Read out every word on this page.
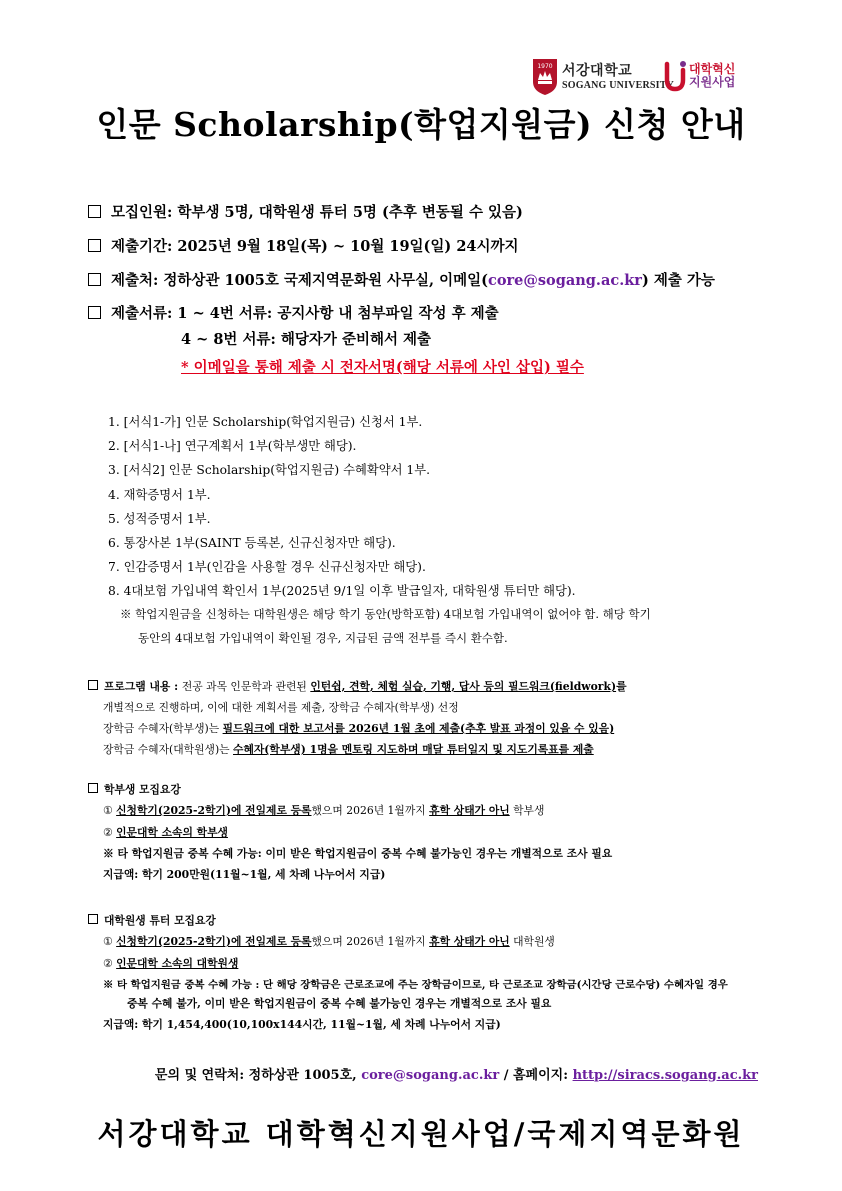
1970 서강대학교
SOGANG UNIVERSITY
대학혁신
지원사업
인문 Scholarship(학업지원금) 신청 안내
모집인원: 학부생 5명, 대학원생 튜터 5명 (추후 변동될 수 있음)
제출기간: 2025년 9월 18일(목) ~ 10월 19일(일) 24시까지
제출처: 정하상관 1005호 국제지역문화원 사무실, 이메일(core@sogang.ac.kr) 제출 가능
제출서류: 1 ~ 4번 서류: 공지사항 내 첨부파일 작성 후 제출
4 ~ 8번 서류: 해당자가 준비해서 제출
* 이메일을 통해 제출 시 전자서명(해당 서류에 사인 삽입) 필수
1. [서식1-가] 인문 Scholarship(학업지원금) 신청서 1부.
2. [서식1-나] 연구계획서 1부(학부생만 해당).
3. [서식2] 인문 Scholarship(학업지원금) 수혜확약서 1부.
4. 재학증명서 1부.
5. 성적증명서 1부.
6. 통장사본 1부(SAINT 등록본, 신규신청자만 해당).
7. 인감증명서 1부(인감을 사용할 경우 신규신청자만 해당).
8. 4대보험 가입내역 확인서 1부(2025년 9/1일 이후 발급일자, 대학원생 튜터만 해당).
※ 학업지원금을 신청하는 대학원생은 해당 학기 동안(방학포함) 4대보험 가입내역이 없어야 함. 해당 학기
동안의 4대보험 가입내역이 확인될 경우, 지급된 금액 전부를 즉시 환수함.
프로그램 내용 : 전공 과목 인문학과 관련된 인턴쉽, 견학, 체험 실습, 기행, 답사 등의 필드워크(fieldwork)를
개별적으로 진행하며, 이에 대한 계획서를 제출, 장학금 수혜자(학부생) 선정
장학금 수혜자(학부생)는 필드워크에 대한 보고서를 2026년 1월 초에 제출(추후 발표 과정이 있을 수 있음)
장학금 수혜자(대학원생)는 수혜자(학부생) 1명을 멘토링 지도하며 매달 튜터일지 및 지도기록표를 제출
학부생 모집요강
① 신청학기(2025-2학기)에 전일제로 등록했으며 2026년 1월까지 휴학 상태가 아닌 학부생
② 인문대학 소속의 학부생
※ 타 학업지원금 중복 수혜 가능: 이미 받은 학업지원금이 중복 수혜 불가능인 경우는 개별적으로 조사 필요
지급액: 학기 200만원(11월~1월, 세 차례 나누어서 지급)
대학원생 튜터 모집요강
① 신청학기(2025-2학기)에 전일제로 등록했으며 2026년 1월까지 휴학 상태가 아닌 대학원생
② 인문대학 소속의 대학원생
※ 타 학업지원금 중복 수혜 가능 : 단 해당 장학금은 근로조교에 주는 장학금이므로, 타 근로조교 장학금(시간당 근로수당) 수혜자일 경우
중복 수혜 불가, 이미 받은 학업지원금이 중복 수혜 불가능인 경우는 개별적으로 조사 필요
지급액: 학기 1,454,400(10,100x144시간, 11월~1월, 세 차례 나누어서 지급)
문의 및 연락처: 정하상관 1005호, core@sogang.ac.kr / 홈페이지: http://siracs.sogang.ac.kr
서강대학교 대학혁신지원사업/국제지역문화원
